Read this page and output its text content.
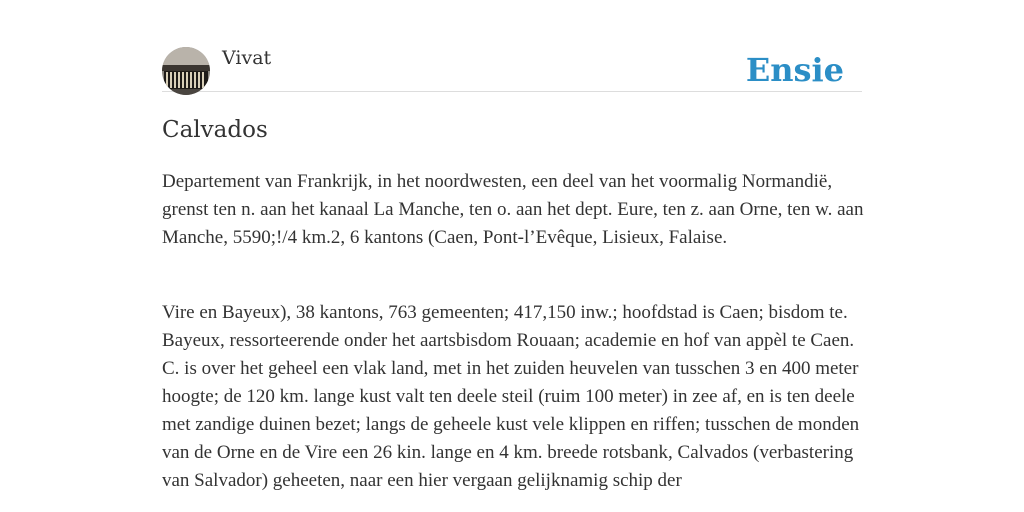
Vivat	Ensie
Calvados

Departement van Frankrijk, in het noordwesten, een deel van het voormalig Normandië, grenst ten n. aan het kanaal La Manche, ten o. aan het dept. Eure, ten z. aan Orne, ten w. aan Manche, 5590;!/4 km.2, 6 kantons (Caen, Pont-l’Evêque, Lisieux, Falaise.

Vire en Bayeux), 38 kantons, 763 gemeenten; 417,150 inw.; hoofdstad is Caen; bisdom te. Bayeux, ressorteerende onder het aartsbisdom Rouaan; academie en hof van appèl te Caen. C. is over het geheel een vlak land, met in het zuiden heuvelen van tusschen 3 en 400 meter hoogte; de 120 km. lange kust valt ten deele steil (ruim 100 meter) in zee af, en is ten deele met zandige duinen bezet; langs de geheele kust vele klippen en riffen; tusschen de monden van de Orne en de Vire een 26 kin. lange en 4 km. breede rotsbank, Calvados (verbastering van Salvador) geheeten, naar een hier vergaan gelijknamig schip der
